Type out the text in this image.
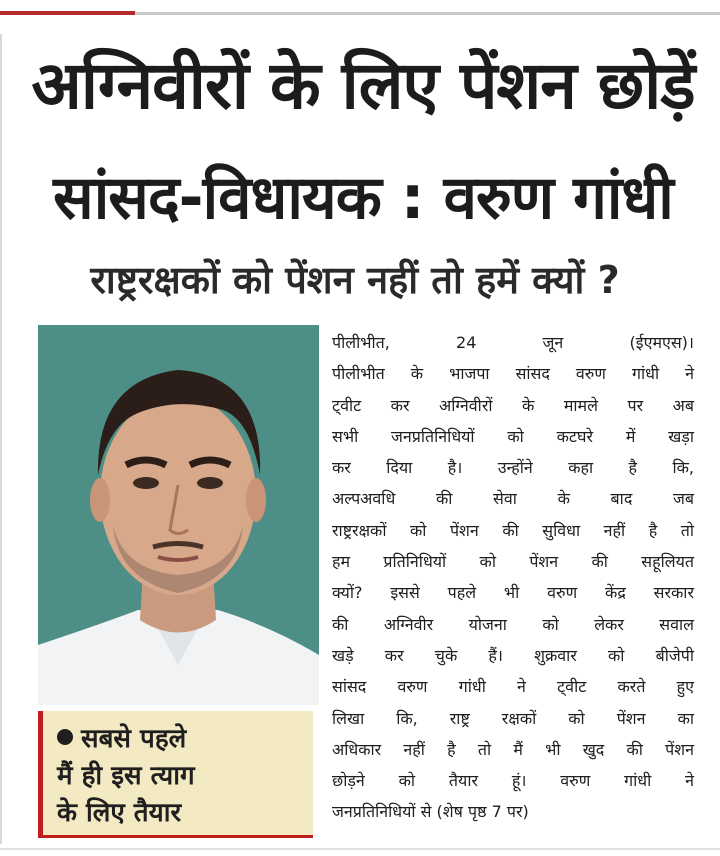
अग्निवीरों के लिए पेंशन छोड़ें
सांसद-विधायक : वरुण गांधी
राष्ट्ररक्षकों को पेंशन नहीं तो हमें क्यों ?
सबसे पहले
मैं ही इस त्याग
के लिए तैयार
पीलीभीत, 24 जून (ईएमएस)।
पीलीभीत के भाजपा सांसद वरुण गांधी ने
ट्वीट कर अग्निवीरों के मामले पर अब
सभी जनप्रतिनिधियों को कटघरे में खड़ा
कर दिया है। उन्होंने कहा है कि,
अल्पअवधि की सेवा के बाद जब
राष्ट्ररक्षकों को पेंशन की सुविधा नहीं है तो
हम प्रतिनिधियों को पेंशन की सहूलियत
क्यों? इससे पहले भी वरुण केंद्र सरकार
की अग्निवीर योजना को लेकर सवाल
खड़े कर चुके हैं। शुक्रवार को बीजेपी
सांसद वरुण गांधी ने ट्वीट करते हुए
लिखा कि, राष्ट्र रक्षकों को पेंशन का
अधिकार नहीं है तो मैं भी खुद की पेंशन
छोड़ने को तैयार हूं। वरुण गांधी ने
जनप्रतिनिधियों से (शेष पृष्ठ 7 पर)
